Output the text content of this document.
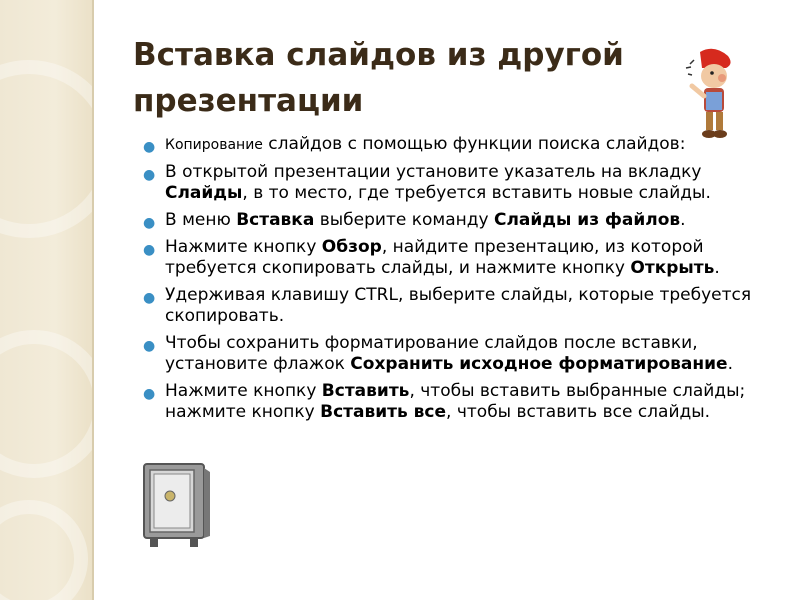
Вставка слайдов из другой
презентации
● Копирование слайдов с помощью функции поиска слайдов:
● В открытой презентации установите указатель на вкладку Слайды, в то место, где требуется вставить новые слайды.
● В меню Вставка выберите команду Слайды из файлов.
● Нажмите кнопку Обзор, найдите презентацию, из которой требуется скопировать слайды, и нажмите кнопку Открыть.
● Удерживая клавишу CTRL, выберите слайды, которые требуется скопировать.
● Чтобы сохранить форматирование слайдов после вставки, установите флажок Сохранить исходное форматирование.
● Нажмите кнопку Вставить, чтобы вставить выбранные слайды; нажмите кнопку Вставить все, чтобы вставить все слайды.
